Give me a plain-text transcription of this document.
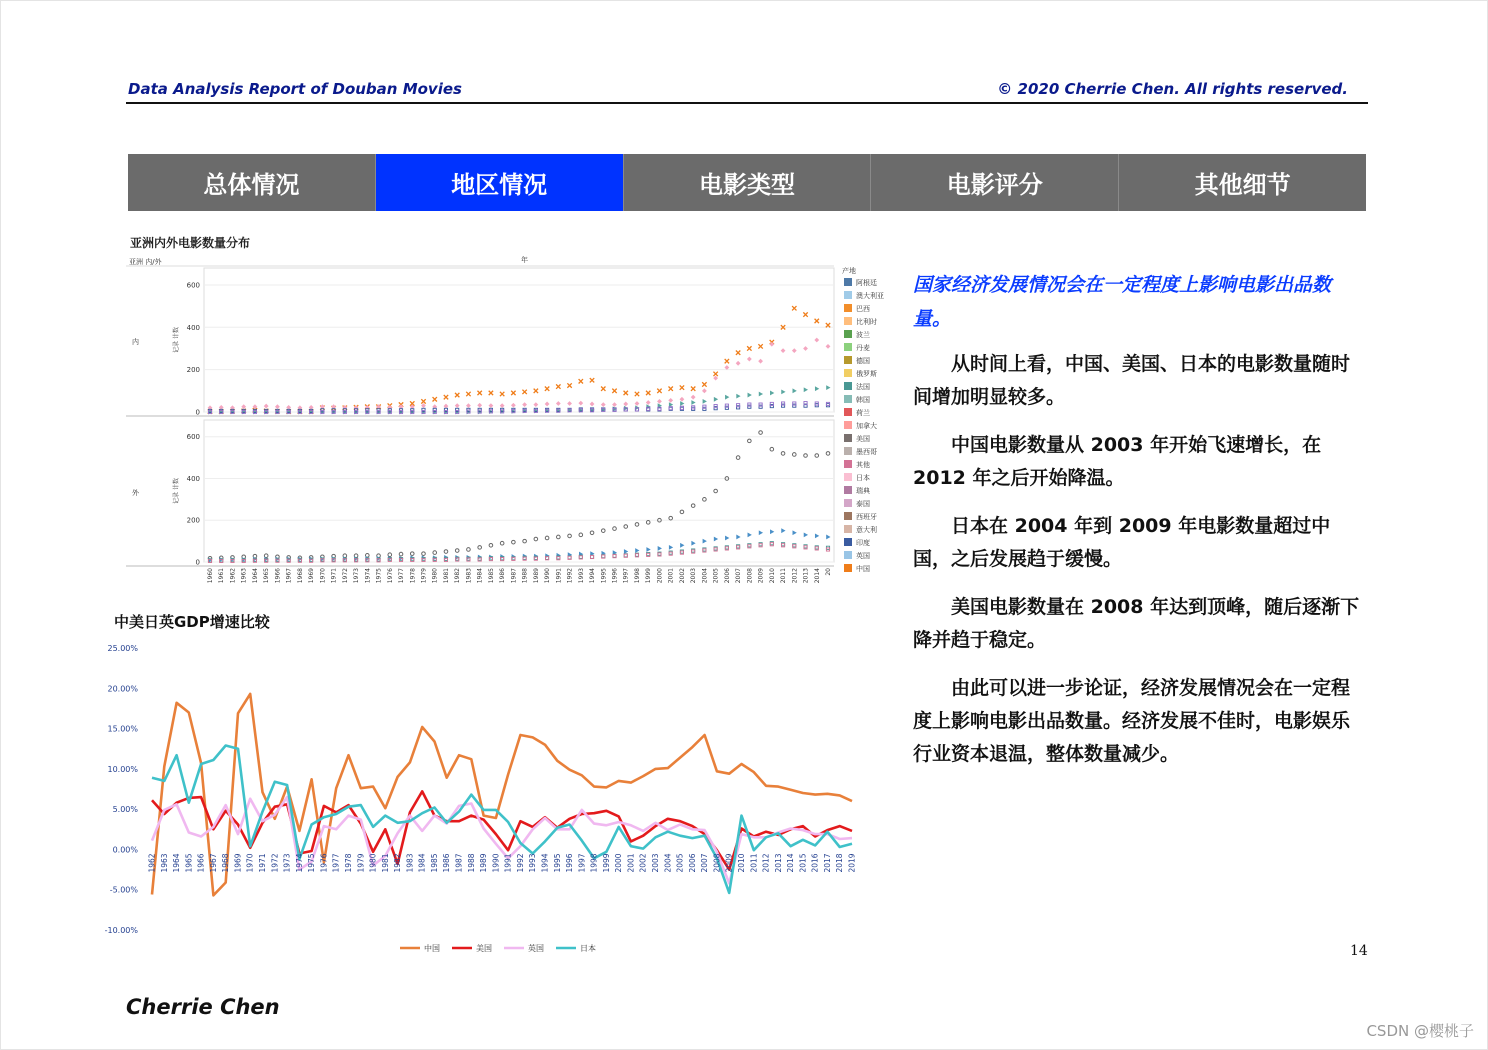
Data Analysis Report of Douban Movies	© 2020 Cherrie Chen. All rights reserved.
总体情况	地区情况	电影类型	电影评分	其他细节
亚洲内外电影数量分布
亚洲 内/外	年
0
200
400
600
内	记录 计数
0
200
400
600
外	记录 计数
1960 1961 1962 1963 1964 1965 1966 1967 1968 1969 1970 1971 1972 1973 1974 1975 1976 1977 1978 1979 1980 1981 1982 1983 1984 1985 1986 1987 1988 1989 1990 1991 1992 1993 1994 1995 1996 1997 1998 1999 2000 2001 2002 2003 2004 2005 2006 2007 2008 2009 2010 2011 2012 2013 2014 20
产地
阿根廷
澳大利亚
巴西
比利时
波兰
丹麦
德国
俄罗斯
法国
韩国
荷兰
加拿大
美国
墨西哥
其他
日本
瑞典
泰国
西班牙
意大利
印度
英国
中国
中美日英GDP增速比较
25.00%
20.00%
15.00%
10.00%
5.00%
0.00%
-5.00%
-10.00%
1962 1963 1964 1965 1966 1967 1968 1969 1970 1971 1972 1973 1974 1975 1976 1977 1978 1979 1980 1981 1982 1983 1984 1985 1986 1987 1988 1989 1990 1991 1992 1993 1994 1995 1996 1997 1998 1999 2000 2001 2002 2003 2004 2005 2006 2007 2008 2009 2010 2011 2012 2013 2014 2015 2016 2017 2018 2019
中国	美国	英国	日本

国家经济发展情况会在一定程度上影响电影出品数量。

从时间上看，中国、美国、日本的电影数量随时间增加明显较多。

中国电影数量从 2003 年开始飞速增长，在 2012 年之后开始降温。

日本在 2004 年到 2009 年电影数量超过中国，之后发展趋于缓慢。

美国电影数量在 2008 年达到顶峰，随后逐渐下降并趋于稳定。

由此可以进一步论证，经济发展情况会在一定程度上影响电影出品数量。经济发展不佳时，电影娱乐行业资本退温，整体数量减少。

14
Cherrie Chen
CSDN @樱桃子
